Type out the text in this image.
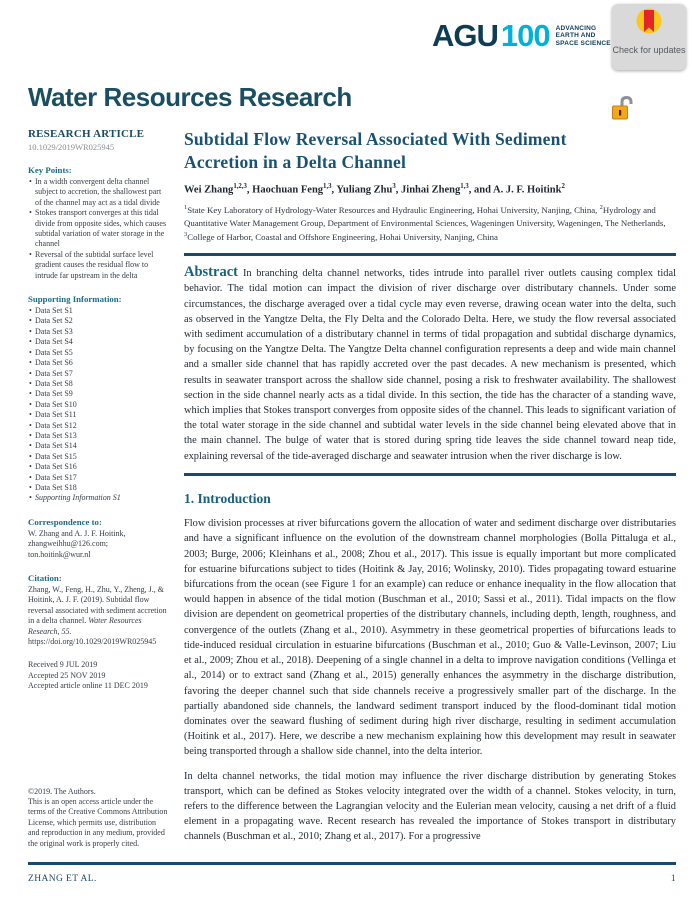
AGU 100 ADVANCING
EARTH AND
SPACE SCIENCE
Check for updates
Water Resources Research
RESEARCH ARTICLE
10.1029/2019WR025945
Key Points:
• In a width convergent delta channel subject to accretion, the shallowest part of the channel may act as a tidal divide
• Stokes transport converges at this tidal divide from opposite sides, which causes subtidal variation of water storage in the channel
• Reversal of the subtidal surface level gradient causes the residual flow to intrude far upstream in the delta
Supporting Information:
• Data Set S1
• Data Set S2
• Data Set S3
• Data Set S4
• Data Set S5
• Data Set S6
• Data Set S7
• Data Set S8
• Data Set S9
• Data Set S10
• Data Set S11
• Data Set S12
• Data Set S13
• Data Set S14
• Data Set S15
• Data Set S16
• Data Set S17
• Data Set S18
• Supporting Information S1
Correspondence to:
W. Zhang and A. J. F. Hoitink,
zhangweihhu@126.com;
ton.hoitink@wur.nl
Citation:
Zhang, W., Feng, H., Zhu, Y., Zheng, J., & Hoitink, A. J. F. (2019). Subtidal flow reversal associated with sediment accretion in a delta channel. Water Resources Research, 55. https://doi.org/10.1029/2019WR025945
Received 9 JUL 2019
Accepted 25 NOV 2019
Accepted article online 11 DEC 2019
©2019. The Authors.
This is an open access article under the terms of the Creative Commons Attribution License, which permits use, distribution and reproduction in any medium, provided the original work is properly cited.
Subtidal Flow Reversal Associated With Sediment Accretion in a Delta Channel

Wei Zhang$^{1,2,3}$, Haochuan Feng$^{1,3}$, Yuliang Zhu$^3$, Jinhai Zheng$^{1,3}$, and A. J. F. Hoitink$^2$

$^1$State Key Laboratory of Hydrology-Water Resources and Hydraulic Engineering, Hohai University, Nanjing, China, $^2$Hydrology and Quantitative Water Management Group, Department of Environmental Sciences, Wageningen University, Wageningen, The Netherlands, $^3$College of Harbor, Coastal and Offshore Engineering, Hohai University, Nanjing, China

Abstract In branching delta channel networks, tides intrude into parallel river outlets causing complex tidal behavior. The tidal motion can impact the division of river discharge over distributary channels. Under some circumstances, the discharge averaged over a tidal cycle may even reverse, drawing ocean water into the delta, such as observed in the Yangtze Delta, the Fly Delta and the Colorado Delta. Here, we study the flow reversal associated with sediment accumulation of a distributary channel in terms of tidal propagation and subtidal discharge dynamics, by focusing on the Yangtze Delta. The Yangtze Delta channel configuration represents a deep and wide main channel and a smaller side channel that has rapidly accreted over the past decades. A new mechanism is presented, which results in seawater transport across the shallow side channel, posing a risk to freshwater availability. The shallowest section in the side channel nearly acts as a tidal divide. In this section, the tide has the character of a standing wave, which implies that Stokes transport converges from opposite sides of the channel. This leads to significant variation of the total water storage in the side channel and subtidal water levels in the side channel being elevated above that in the main channel. The bulge of water that is stored during spring tide leaves the side channel toward neap tide, explaining reversal of the tide-averaged discharge and seawater intrusion when the river discharge is low.

1. Introduction

Flow division processes at river bifurcations govern the allocation of water and sediment discharge over distributaries and have a significant influence on the evolution of the downstream channel morphologies (Bolla Pittaluga et al., 2003; Burge, 2006; Kleinhans et al., 2008; Zhou et al., 2017). This issue is equally important but more complicated for estuarine bifurcations subject to tides (Hoitink & Jay, 2016; Wolinsky, 2010). Tides propagating toward estuarine bifurcations from the ocean (see Figure 1 for an example) can reduce or enhance inequality in the flow allocation that would happen in absence of the tidal motion (Buschman et al., 2010; Sassi et al., 2011). Tidal impacts on the flow division are dependent on geometrical properties of the distributary channels, including depth, length, roughness, and convergence of the outlets (Zhang et al., 2010). Asymmetry in these geometrical properties of bifurcations leads to tide-induced residual circulation in estuarine bifurcations (Buschman et al., 2010; Guo & Valle-Levinson, 2007; Liu et al., 2009; Zhou et al., 2018). Deepening of a single channel in a delta to improve navigation conditions (Vellinga et al., 2014) or to extract sand (Zhang et al., 2015) generally enhances the asymmetry in the discharge distribution, favoring the deeper channel such that side channels receive a progressively smaller part of the discharge. In the partially abandoned side channels, the landward sediment transport induced by the flood-dominant tidal motion dominates over the seaward flushing of sediment during high river discharge, resulting in sediment accumulation (Hoitink et al., 2017). Here, we describe a new mechanism explaining how this development may result in seawater being transported through a shallow side channel, into the delta interior.

In delta channel networks, the tidal motion may influence the river discharge distribution by generating Stokes transport, which can be defined as Stokes velocity integrated over the width of a channel. Stokes velocity, in turn, refers to the difference between the Lagrangian velocity and the Eulerian mean velocity, causing a net drift of a fluid element in a propagating wave. Recent research has revealed the importance of Stokes transport in distributary channels (Buschman et al., 2010; Zhang et al., 2017). For a progressive

ZHANG ET AL.	1
